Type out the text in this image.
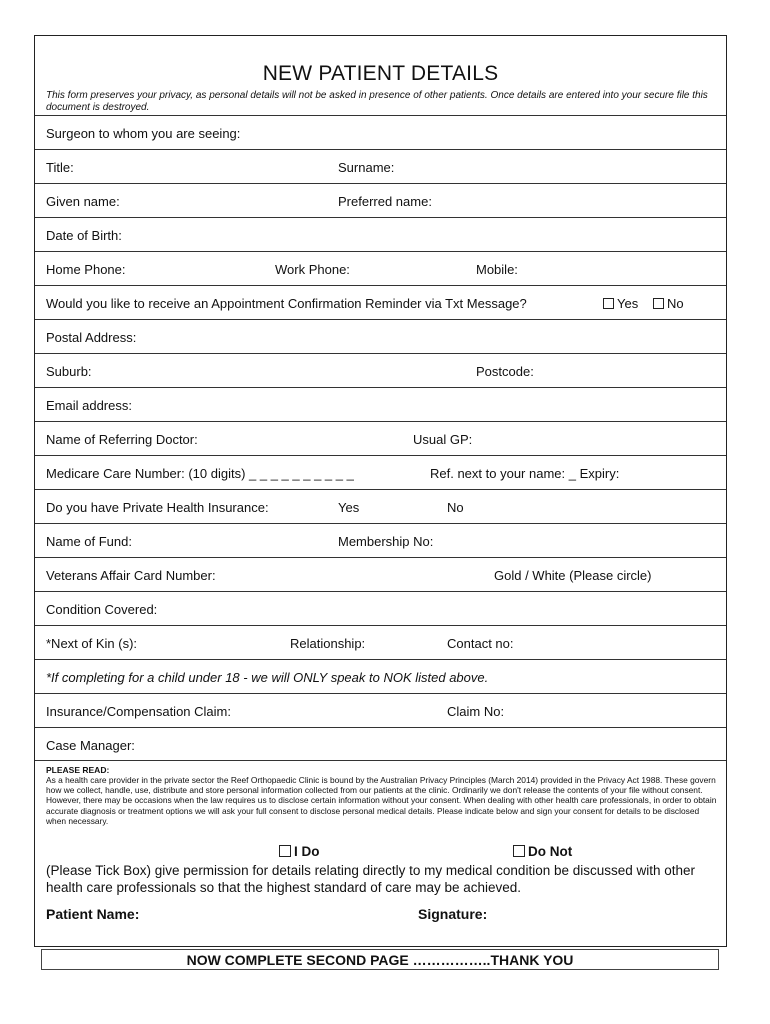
NEW PATIENT DETAILS
This form preserves your privacy, as personal details will not be asked in presence of other patients. Once details are entered into your secure file this document is destroyed.
Surgeon to whom you are seeing:
Title:	Surname:
Given name:	Preferred name:
Date of Birth:
Home Phone:	Work Phone:	Mobile:
Would you like to receive an Appointment Confirmation Reminder via Txt Message?	Yes	No
Postal Address:
Suburb:	Postcode:
Email address:
Name of Referring Doctor:	Usual GP:
Medicare Care Number: (10 digits) _ _ _ _ _ _ _ _ _ _	Ref. next to your name: _ Expiry:
Do you have Private Health Insurance:	Yes	No
Name of Fund:	Membership No:
Veterans Affair Card Number:	Gold / White (Please circle)
Condition Covered:
*Next of Kin (s):	Relationship:	Contact no:
*If completing for a child under 18 - we will ONLY speak to NOK listed above.
Insurance/Compensation Claim:	Claim No:
Case Manager:
PLEASE READ:
As a health care provider in the private sector the Reef Orthopaedic Clinic is bound by the Australian Privacy Principles (March 2014) provided in the Privacy Act 1988. These govern how we collect, handle, use, distribute and store personal information collected from our patients at the clinic. Ordinarily we don't release the contents of your file without consent. However, there may be occasions when the law requires us to disclose certain information without your consent. When dealing with other health care professionals, in order to obtain accurate diagnosis or treatment options we will ask your full consent to disclose personal medical details. Please indicate below and sign your consent for details to be disclosed when necessary.
I Do	Do Not
(Please Tick Box) give permission for details relating directly to my medical condition be discussed with other health care professionals so that the highest standard of care may be achieved.
Patient Name:	Signature:
NOW COMPLETE SECOND PAGE ……………..THANK YOU
